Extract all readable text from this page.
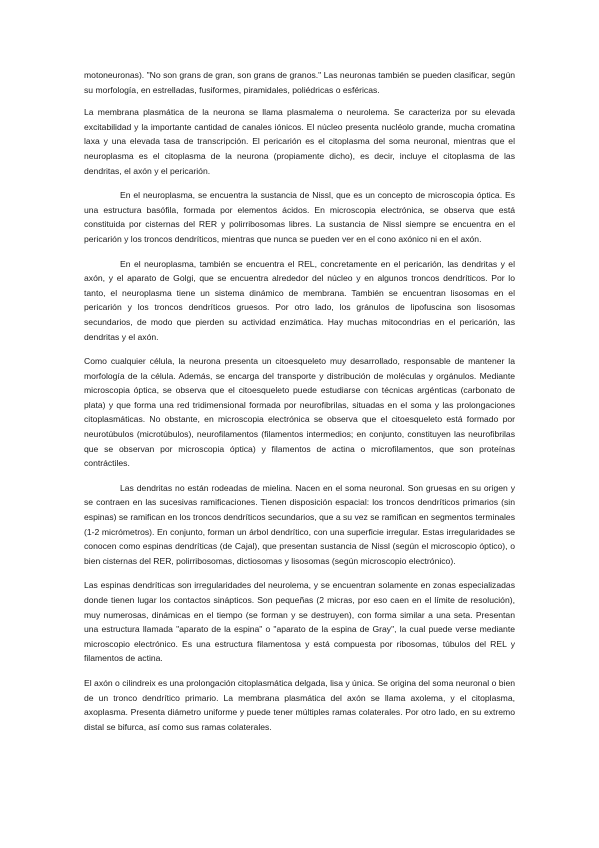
motoneuronas). "No son grans de gran, son grans de granos." Las neuronas también se pueden clasificar, según su morfología, en estrelladas, fusiformes, piramidales, poliédricas o esféricas.

La membrana plasmática de la neurona se llama plasmalema o neurolema. Se caracteriza por su elevada excitabilidad y la importante cantidad de canales iónicos. El núcleo presenta nucléolo grande, mucha cromatina laxa y una elevada tasa de transcripción. El pericarión es el citoplasma del soma neuronal, mientras que el neuroplasma es el citoplasma de la neurona (propiamente dicho), es decir, incluye el citoplasma de las dendritas, el axón y el pericarión.

En el neuroplasma, se encuentra la sustancia de Nissl, que es un concepto de microscopia óptica. Es una estructura basófila, formada por elementos ácidos. En microscopia electrónica, se observa que está constituida por cisternas del RER y polirribosomas libres. La sustancia de Nissl siempre se encuentra en el pericarión y los troncos dendríticos, mientras que nunca se pueden ver en el cono axónico ni en el axón.

En el neuroplasma, también se encuentra el REL, concretamente en el pericarión, las dendritas y el axón, y el aparato de Golgi, que se encuentra alrededor del núcleo y en algunos troncos dendríticos. Por lo tanto, el neuroplasma tiene un sistema dinámico de membrana. También se encuentran lisosomas en el pericarión y los troncos dendríticos gruesos. Por otro lado, los gránulos de lipofuscina son lisosomas secundarios, de modo que pierden su actividad enzimática. Hay muchas mitocondrias en el pericarión, las dendritas y el axón.

Como cualquier célula, la neurona presenta un citoesqueleto muy desarrollado, responsable de mantener la morfología de la célula. Además, se encarga del transporte y distribución de moléculas y orgánulos. Mediante microscopia óptica, se observa que el citoesqueleto puede estudiarse con técnicas argénticas (carbonato de plata) y que forma una red tridimensional formada por neurofibrilas, situadas en el soma y las prolongaciones citoplasmáticas. No obstante, en microscopia electrónica se observa que el citoesqueleto está formado por neurotúbulos (microtúbulos), neurofilamentos (filamentos intermedios; en conjunto, constituyen las neurofibrilas que se observan por microscopia óptica) y filamentos de actina o microfilamentos, que son proteínas contráctiles.

Las dendritas no están rodeadas de mielina. Nacen en el soma neuronal. Son gruesas en su origen y se contraen en las sucesivas ramificaciones. Tienen disposición espacial: los troncos dendríticos primarios (sin espinas) se ramifican en los troncos dendríticos secundarios, que a su vez se ramifican en segmentos terminales (1-2 micrómetros). En conjunto, forman un árbol dendrítico, con una superficie irregular. Estas irregularidades se conocen como espinas dendríticas (de Cajal), que presentan sustancia de Nissl (según el microscopio óptico), o bien cisternas del RER, polirribosomas, dictiosomas y lisosomas (según microscopio electrónico).

Las espinas dendríticas son irregularidades del neurolema, y se encuentran solamente en zonas especializadas donde tienen lugar los contactos sinápticos. Son pequeñas (2 micras, por eso caen en el límite de resolución), muy numerosas, dinámicas en el tiempo (se forman y se destruyen), con forma similar a una seta. Presentan una estructura llamada "aparato de la espina" o "aparato de la espina de Gray", la cual puede verse mediante microscopio electrónico. Es una estructura filamentosa y está compuesta por ribosomas, túbulos del REL y filamentos de actina.

El axón o cilindreix es una prolongación citoplasmática delgada, lisa y única. Se origina del soma neuronal o bien de un tronco dendrítico primario. La membrana plasmática del axón se llama axolema, y el citoplasma, axoplasma. Presenta diámetro uniforme y puede tener múltiples ramas colaterales. Por otro lado, en su extremo distal se bifurca, así como sus ramas colaterales.
